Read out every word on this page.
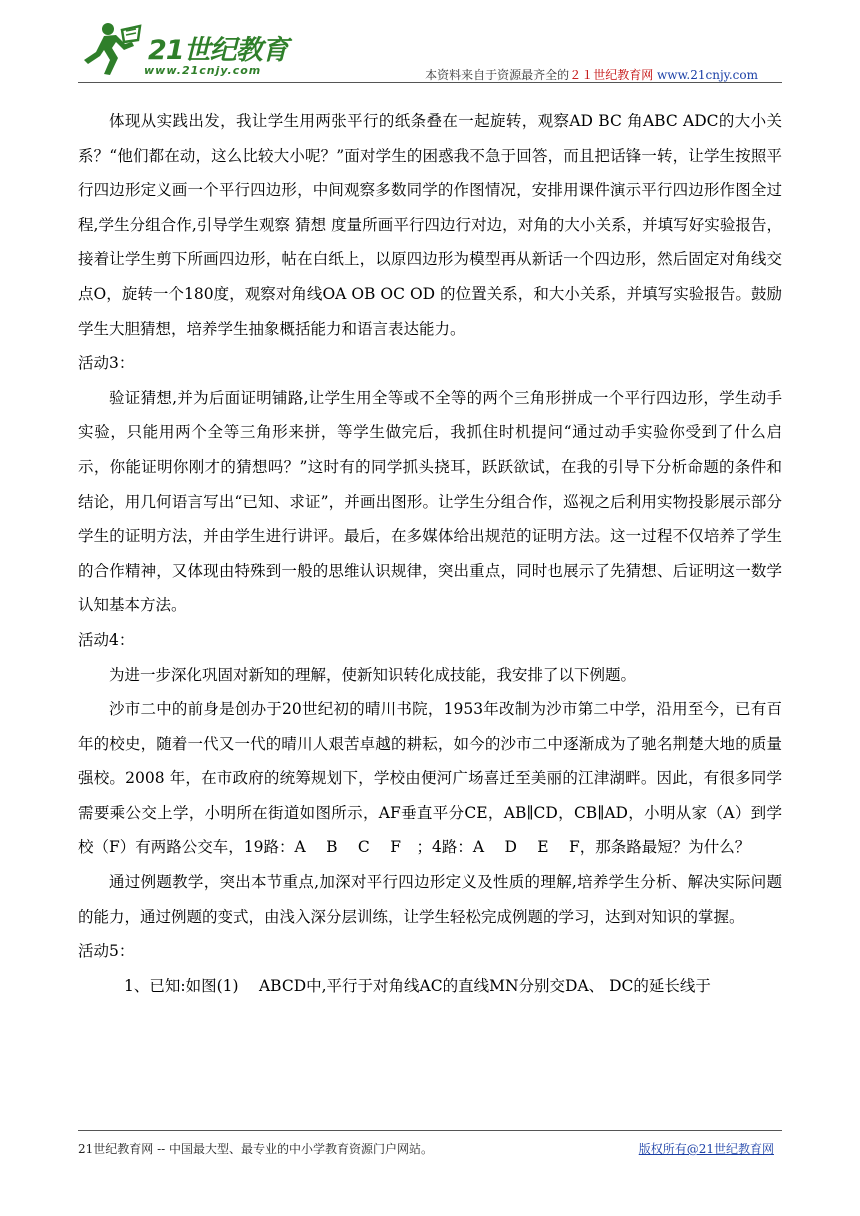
21世纪教育
www.21cnjy.com	本资料来自于资源最齐全的２１世纪教育网 www.21cnjy.com

体现从实践出发，我让学生用两张平行的纸条叠在一起旋转，观察AD BC 角ABC ADC的大小关系？“他们都在动，这么比较大小呢？”面对学生的困惑我不急于回答，而且把话锋一转，让学生按照平行四边形定义画一个平行四边形，中间观察多数同学的作图情况，安排用课件演示平行四边形作图全过程,学生分组合作,引导学生观察 猜想 度量所画平行四边行对边，对角的大小关系，并填写好实验报告，接着让学生剪下所画四边形，帖在白纸上，以原四边形为模型再从新话一个四边形，然后固定对角线交点O，旋转一个180度，观察对角线OA OB OC OD 的位置关系，和大小关系，并填写实验报告。鼓励学生大胆猜想，培养学生抽象概括能力和语言表达能力。

活动3：

验证猜想,并为后面证明铺路,让学生用全等或不全等的两个三角形拼成一个平行四边形，学生动手实验，只能用两个全等三角形来拼，等学生做完后，我抓住时机提问“通过动手实验你受到了什么启示，你能证明你刚才的猜想吗？”这时有的同学抓头挠耳，跃跃欲试，在我的引导下分析命题的条件和结论，用几何语言写出“已知、求证”，并画出图形。让学生分组合作，巡视之后利用实物投影展示部分学生的证明方法，并由学生进行讲评。最后，在多媒体给出规范的证明方法。这一过程不仅培养了学生的合作精神，又体现由特殊到一般的思维认识规律，突出重点，同时也展示了先猜想、后证明这一数学认知基本方法。

活动4：

为进一步深化巩固对新知的理解，使新知识转化成技能，我安排了以下例题。

沙市二中的前身是创办于20世纪初的晴川书院，1953年改制为沙市第二中学，沿用至今，已有百年的校史，随着一代又一代的晴川人艰苦卓越的耕耘，如今的沙市二中逐渐成为了驰名荆楚大地的质量强校。2008 年，在市政府的统筹规划下，学校由便河广场喜迁至美丽的江津湖畔。因此，有很多同学需要乘公交上学，小明所在街道如图所示，AF垂直平分CE，AB∥CD，CB∥AD，小明从家（A）到学校（F）有两路公交车，19路：A　 B　 C　 F　；4路：A　 D　 E　 F，那条路最短？为什么？

通过例题教学，突出本节重点,加深对平行四边形定义及性质的理解,培养学生分析、解决实际问题的能力，通过例题的变式，由浅入深分层训练，让学生轻松完成例题的学习，达到对知识的掌握。

活动5：

1、已知:如图(1)　 ABCD中,平行于对角线AC的直线MN分别交DA、 DC的延长线于

21世纪教育网 -- 中国最大型、最专业的中小学教育资源门户网站。	版权所有@21世纪教育网
